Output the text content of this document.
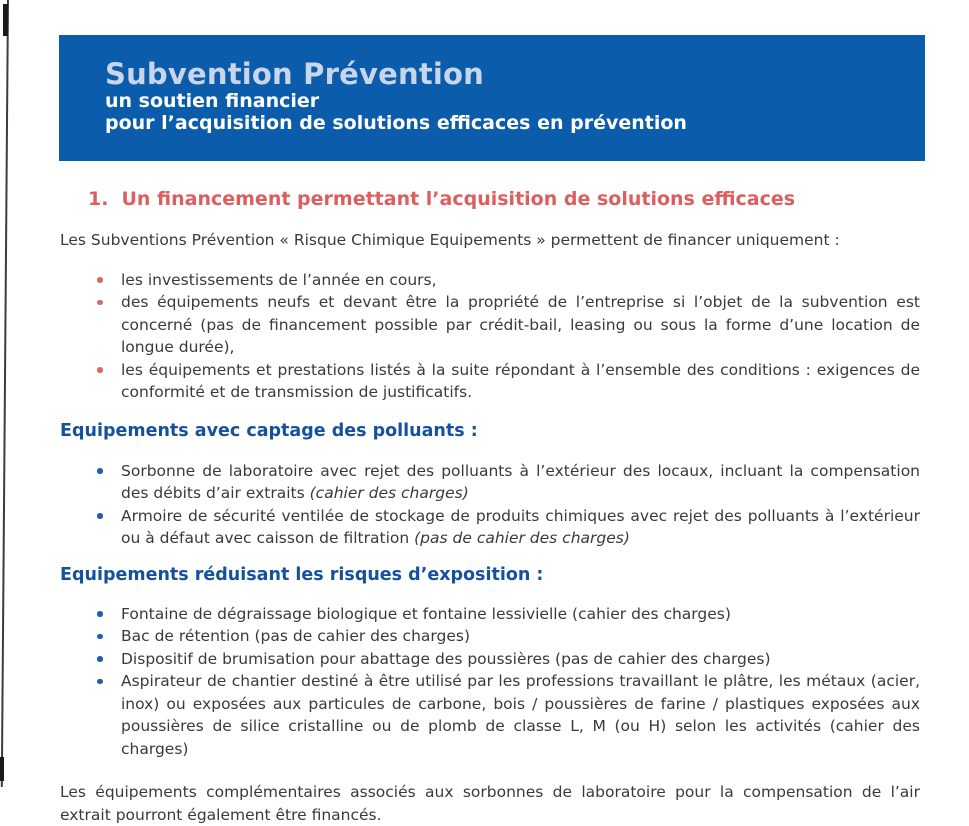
Subvention Prévention

un soutien financier

pour l’acquisition de solutions efficaces en prévention

1. Un financement permettant l’acquisition de solutions efficaces

Les Subventions Prévention « Risque Chimique Equipements » permettent de financer uniquement :

les investissements de l’année en cours,
des équipements neufs et devant être la propriété de l’entreprise si l’objet de la subvention est concerné (pas de financement possible par crédit-bail, leasing ou sous la forme d’une location de longue durée),
les équipements et prestations listés à la suite répondant à l’ensemble des conditions : exigences de conformité et de transmission de justificatifs.
Equipements avec captage des polluants :
Sorbonne de laboratoire avec rejet des polluants à l’extérieur des locaux, incluant la compensation des débits d’air extraits (cahier des charges)
Armoire de sécurité ventilée de stockage de produits chimiques avec rejet des polluants à l’extérieur ou à défaut avec caisson de filtration (pas de cahier des charges)
Equipements réduisant les risques d’exposition :
Fontaine de dégraissage biologique et fontaine lessivielle (cahier des charges)
Bac de rétention (pas de cahier des charges)
Dispositif de brumisation pour abattage des poussières (pas de cahier des charges)
Aspirateur de chantier destiné à être utilisé par les professions travaillant le plâtre, les métaux (acier, inox) ou exposées aux particules de carbone, bois / poussières de farine / plastiques exposées aux poussières de silice cristalline ou de plomb de classe L, M (ou H) selon les activités (cahier des charges)

Les équipements complémentaires associés aux sorbonnes de laboratoire pour la compensation de l’air extrait pourront également être financés.
